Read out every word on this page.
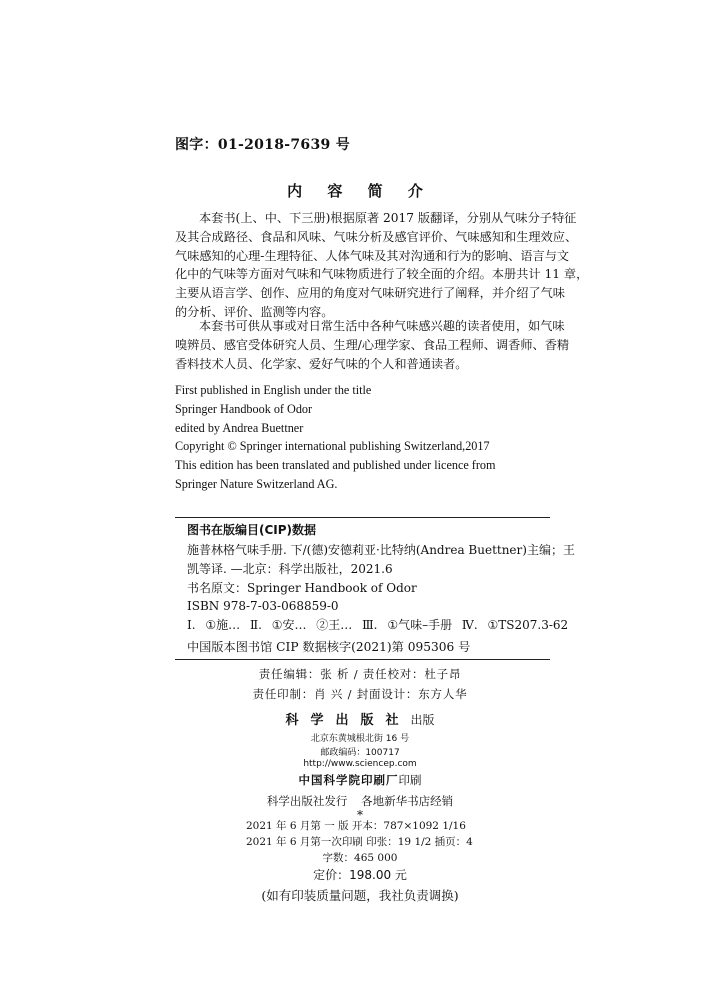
图字：01-2018-7639 号
内 容 简 介
本套书(上、中、下三册)根据原著 2017 版翻译，分别从气味分子特征
及其合成路径、食品和风味、气味分析及感官评价、气味感知和生理效应、
气味感知的心理-生理特征、人体气味及其对沟通和行为的影响、语言与文
化中的气味等方面对气味和气味物质进行了较全面的介绍。本册共计 11 章，
主要从语言学、创作、应用的角度对气味研究进行了阐释，并介绍了气味
的分析、评价、监测等内容。
本套书可供从事或对日常生活中各种气味感兴趣的读者使用，如气味
嗅辨员、感官受体研究人员、生理/心理学家、食品工程师、调香师、香精
香料技术人员、化学家、爱好气味的个人和普通读者。
First published in English under the title
Springer Handbook of Odor
edited by Andrea Buettner
Copyright © Springer international publishing Switzerland,2017
This edition has been translated and published under licence from
Springer Nature Switzerland AG.
图书在版编目(CIP)数据
施普林格气味手册. 下/(德)安德莉亚·比特纳(Andrea Buettner)主编；王
凯等译. —北京：科学出版社，2021.6
书名原文：Springer Handbook of Odor
ISBN 978-7-03-068859-0
Ⅰ. ①施… Ⅱ. ①安… ②王… Ⅲ. ①气味–手册 Ⅳ. ①TS207.3-62
中国版本图书馆 CIP 数据核字(2021)第 095306 号
责任编辑：张 析 / 责任校对：杜子昂
责任印制：肖 兴 / 封面设计：东方人华
科学出版社出版
北京东黄城根北街 16 号
邮政编码：100717
http://www.sciencep.com
中国科学院印刷厂印刷
科学出版社发行 各地新华书店经销
*
2021 年 6 月第 一 版 开本：787×1092 1/16
2021 年 6 月第一次印刷 印张：19 1/2 插页：4
字数：465 000
定价：198.00 元
(如有印装质量问题，我社负责调换)
